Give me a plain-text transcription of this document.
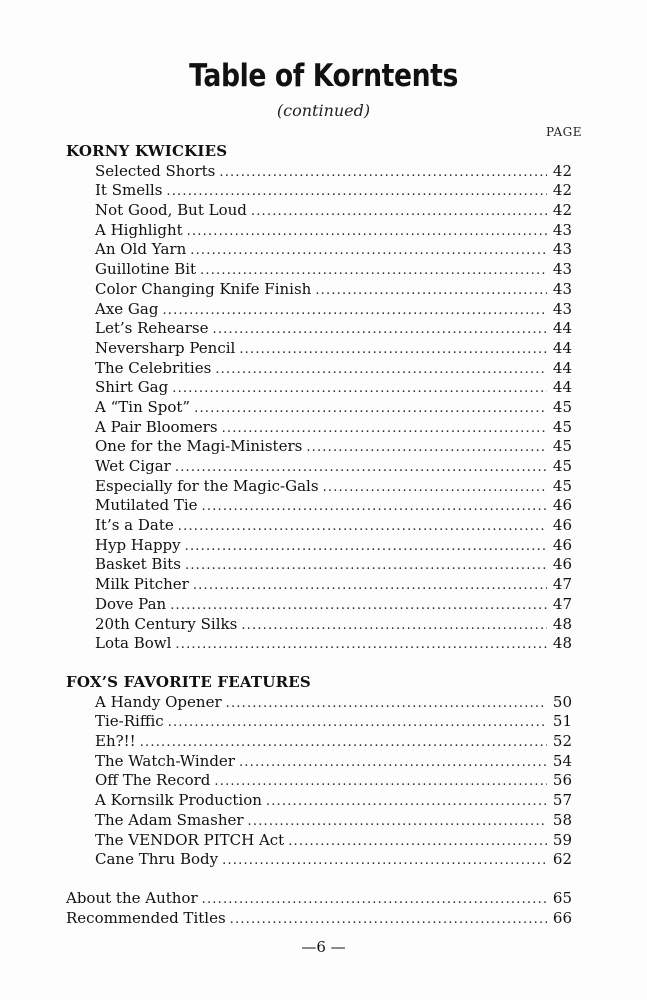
Table of Korntents
(continued)
PAGE
KORNY KWICKIES
Selected Shorts .....	42
It Smells .....	42
Not Good, But Loud .....	42
A Highlight .....	43
An Old Yarn .....	43
Guillotine Bit .....	43
Color Changing Knife Finish .....	43
Axe Gag .....	43
Let’s Rehearse .....	44
Neversharp Pencil .....	44
The Celebrities .....	44
Shirt Gag .....	44
A “Tin Spot” .....	45
A Pair Bloomers .....	45
One for the Magi-Ministers .....	45
Wet Cigar .....	45
Especially for the Magic-Gals .....	45
Mutilated Tie .....	46
It’s a Date .....	46
Hyp Happy .....	46
Basket Bits .....	46
Milk Pitcher .....	47
Dove Pan .....	47
20th Century Silks .....	48
Lota Bowl .....	48
FOX’S FAVORITE FEATURES
A Handy Opener .....	50
Tie-Riffic .....	51
Eh?!! .....	52
The Watch-Winder .....	54
Off The Record .....	56
A Kornsilk Production .....	57
The Adam Smasher .....	58
The VENDOR PITCH Act .....	59
Cane Thru Body .....	62
About the Author .....	65
Recommended Titles .....	66
—6 —
